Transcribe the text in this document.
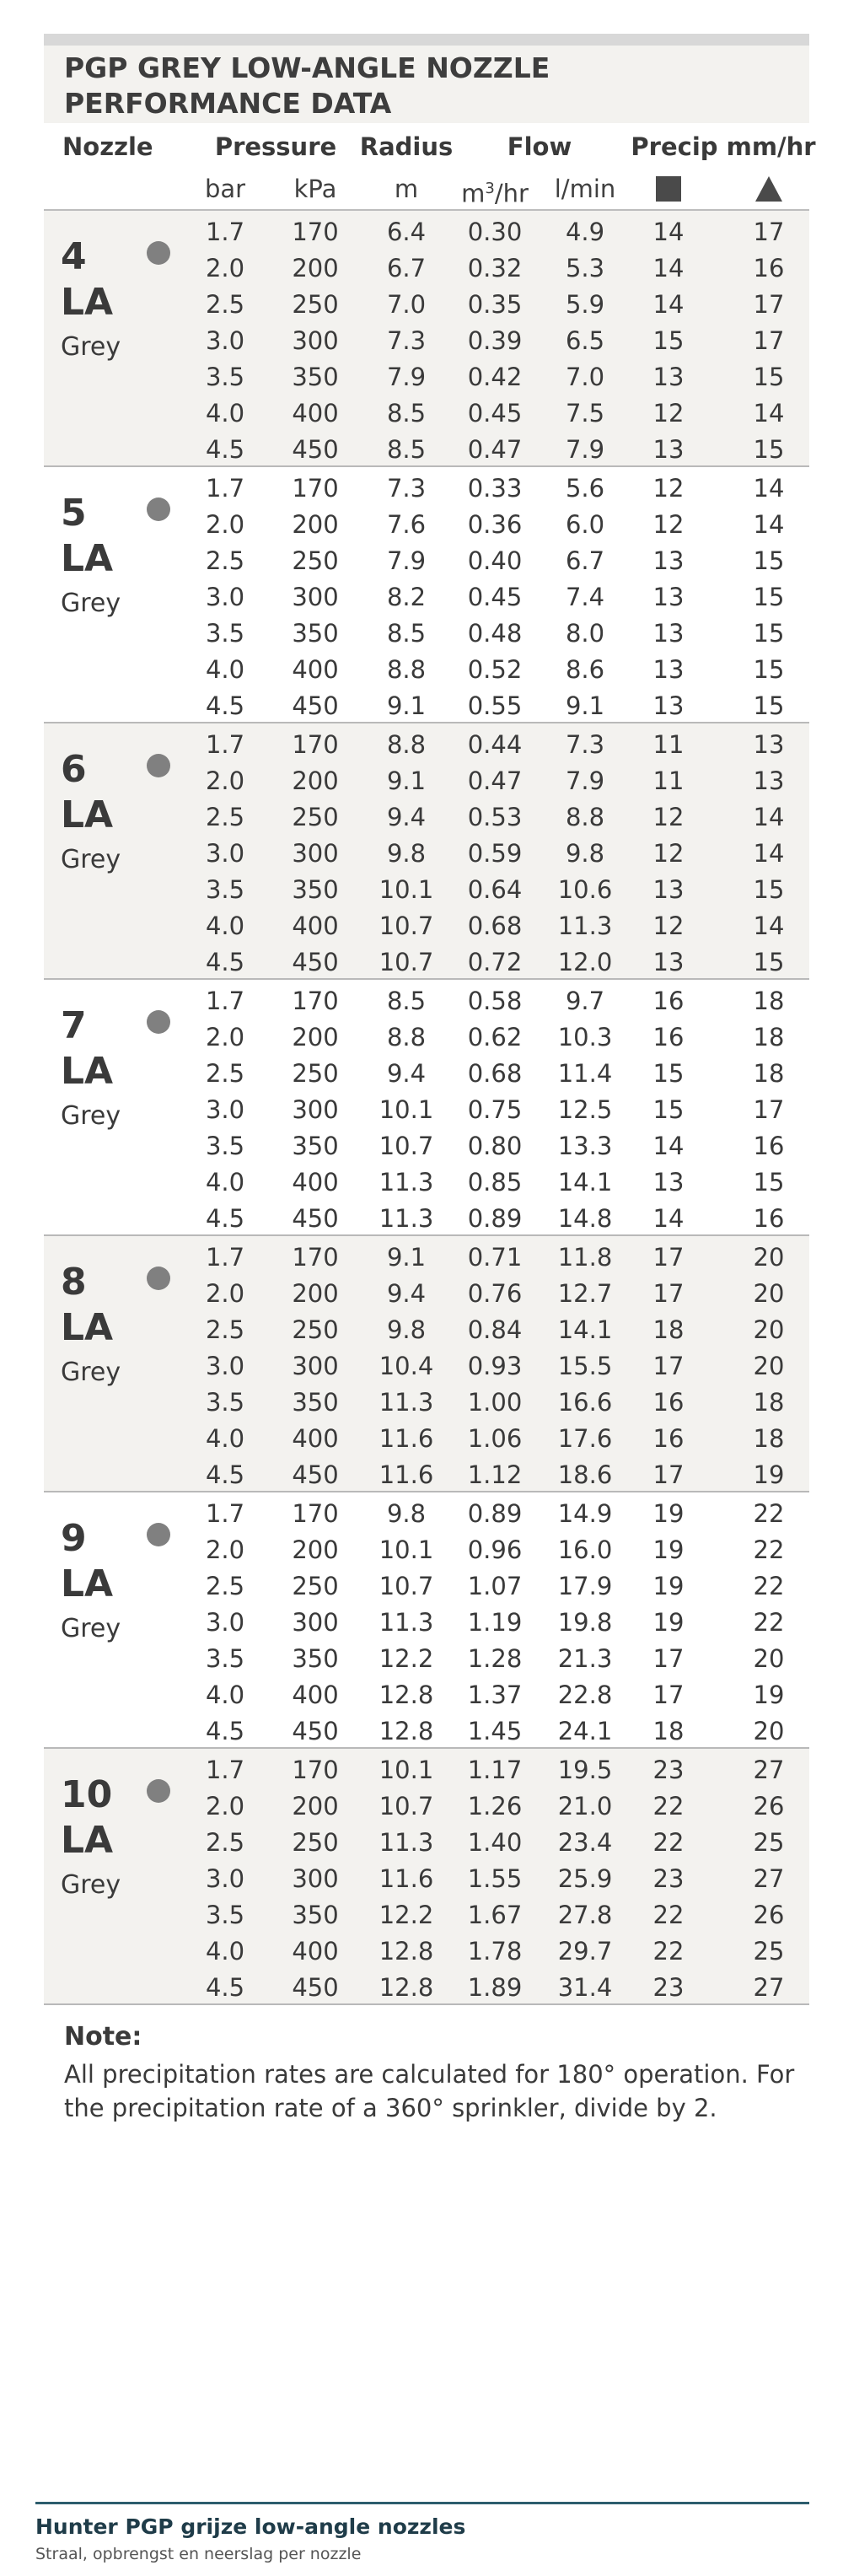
PGP GREY LOW-ANGLE NOZZLE PERFORMANCE DATA
Nozzle	Pressure Radius Flow Precip mm/hr
bar kPa m $m^3/hr$ l/min
4
LA
Grey
1.7 170 6.4 0.30 4.9 14	17
2.0 200 6.7 0.32 5.3 14	16
2.5 250 7.0 0.35 5.9 14	17
3.0 300 7.3 0.39 6.5 15	17
3.5 350 7.9 0.42 7.0 13	15
4.0 400 8.5 0.45 7.5 12	14
4.5 450 8.5 0.47 7.9 13	15
5
LA
Grey
1.7 170 7.3 0.33 5.6 12	14
2.0 200 7.6 0.36 6.0 12	14
2.5 250 7.9 0.40 6.7 13	15
3.0 300 8.2 0.45 7.4 13	15
3.5 350 8.5 0.48 8.0 13	15
4.0 400 8.8 0.52 8.6 13	15
4.5 450 9.1 0.55 9.1 13	15
6
LA
Grey
1.7 170 8.8 0.44 7.3 11	13
2.0 200 9.1 0.47 7.9 11	13
2.5 250 9.4 0.53 8.8 12	14
3.0 300 9.8 0.59 9.8 12	14
3.5 350 10.1 0.64 10.6 13	15
4.0 400 10.7 0.68 11.3 12	14
4.5 450 10.7 0.72 12.0 13	15
7
LA
Grey
1.7 170 8.5 0.58 9.7 16	18
2.0 200 8.8 0.62 10.3 16	18
2.5 250 9.4 0.68 11.4 15	18
3.0 300 10.1 0.75 12.5 15	17
3.5 350 10.7 0.80 13.3 14	16
4.0 400 11.3 0.85 14.1 13	15
4.5 450 11.3 0.89 14.8 14	16
8
LA
Grey
1.7 170 9.1 0.71 11.8 17	20
2.0 200 9.4 0.76 12.7 17	20
2.5 250 9.8 0.84 14.1 18	20
3.0 300 10.4 0.93 15.5 17	20
3.5 350 11.3 1.00 16.6 16	18
4.0 400 11.6 1.06 17.6 16	18
4.5 450 11.6 1.12 18.6 17	19
9
LA
Grey
1.7 170 9.8 0.89 14.9 19	22
2.0 200 10.1 0.96 16.0 19	22
2.5 250 10.7 1.07 17.9 19	22
3.0 300 11.3 1.19 19.8 19	22
3.5 350 12.2 1.28 21.3 17	20
4.0 400 12.8 1.37 22.8 17	19
4.5 450 12.8 1.45 24.1 18	20
10
LA
Grey
1.7 170 10.1 1.17 19.5 23	27
2.0 200 10.7 1.26 21.0 22	26
2.5 250 11.3 1.40 23.4 22	25
3.0 300 11.6 1.55 25.9 23	27
3.5 350 12.2 1.67 27.8 22	26
4.0 400 12.8 1.78 29.7 22	25
4.5 450 12.8 1.89 31.4 23	27

Note:

All precipitation rates are calculated for 180° operation. For the precipitation rate of a 360° sprinkler, divide by 2.

Hunter PGP grijze low-angle nozzles

Straal, opbrengst en neerslag per nozzle
